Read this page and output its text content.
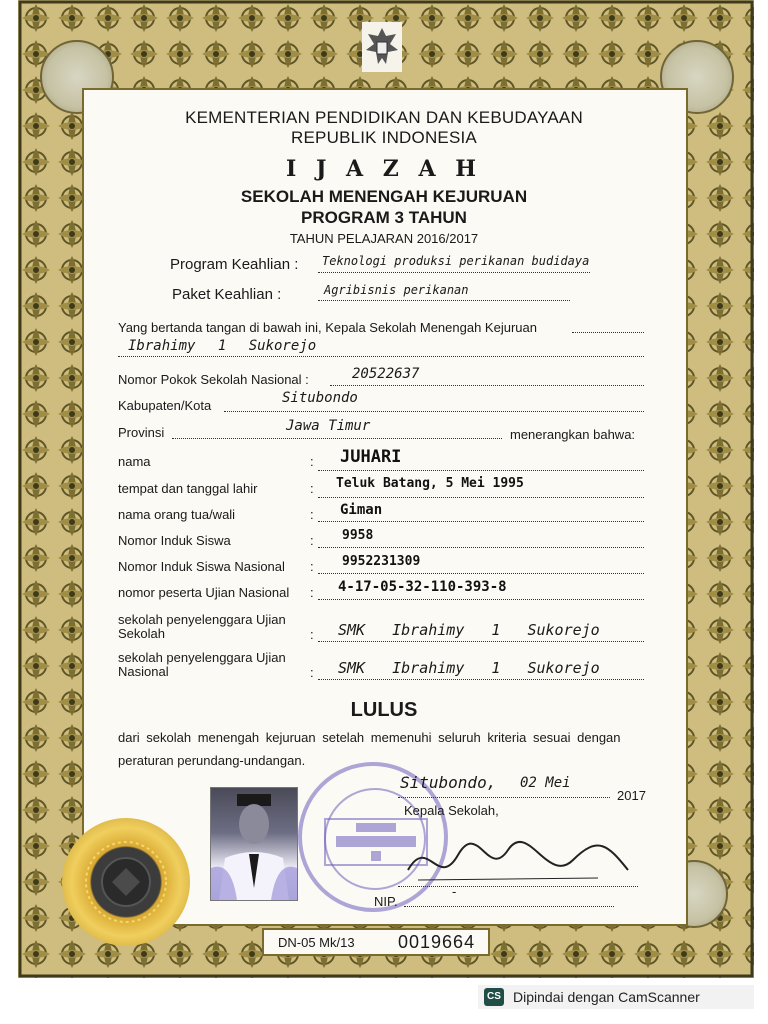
KEMENTERIAN PENDIDIKAN DAN KEBUDAYAAN
REPUBLIK INDONESIA
I J A Z A H
SEKOLAH MENENGAH KEJURUAN
PROGRAM 3 TAHUN
TAHUN PELAJARAN 2016/2017
Program Keahlian : Teknologi produksi perikanan budidaya
Paket Keahlian :	Agribisnis perikanan
Yang bertanda tangan di bawah ini, Kepala Sekolah Menengah Kejuruan
Ibrahimy 1 Sukorejo
Nomor Pokok Sekolah Nasional :	20522637
Kabupaten/Kota	Situbondo
Provinsi	Jawa Timur
menerangkan bahwa:
nama	: JUHARI
tempat dan tanggal lahir	: Teluk Batang, 5 Mei 1995
nama orang tua/wali	: Giman
Nomor Induk Siswa	: 9958
Nomor Induk Siswa Nasional : 9952231309
nomor peserta Ujian Nasional : 4-17-05-32-110-393-8
sekolah penyelenggara Ujian
Sekolah	: SMK Ibrahimy 1 Sukorejo
sekolah penyelenggara Ujian
Nasional	: SMK Ibrahimy 1 Sukorejo
LULUS
dari sekolah menengah kejuruan setelah memenuhi seluruh kriteria sesuai dengan
peraturan perundang-undangan.
Situbondo, 02 Mei
2017
Kepala Sekolah,
NIP.
-
DN-05 Mk/13 0019664
CS Dipindai dengan CamScanner
